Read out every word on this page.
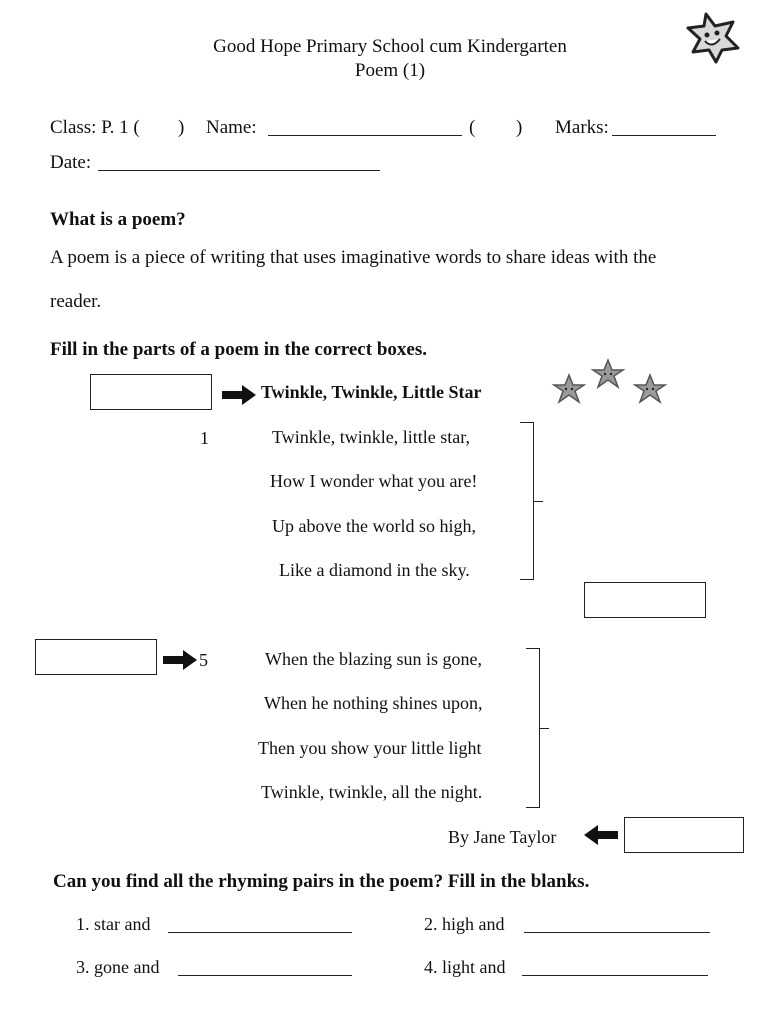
Good Hope Primary School cum Kindergarten
Poem (1)
Class: P. 1 ( ) Name:	( ) Marks:
Date:
What is a poem?
A poem is a piece of writing that uses imaginative words to share ideas with the
reader.
Fill in the parts of a poem in the correct boxes.
Twinkle, Twinkle, Little Star
1	Twinkle, twinkle, little star,
How I wonder what you are!
Up above the world so high,
Like a diamond in the sky.
5	When the blazing sun is gone,
When he nothing shines upon,
Then you show your little light
Twinkle, twinkle, all the night.
By Jane Taylor
Can you find all the rhyming pairs in the poem? Fill in the blanks.
1. star and	2. high and
3. gone and	4. light and
